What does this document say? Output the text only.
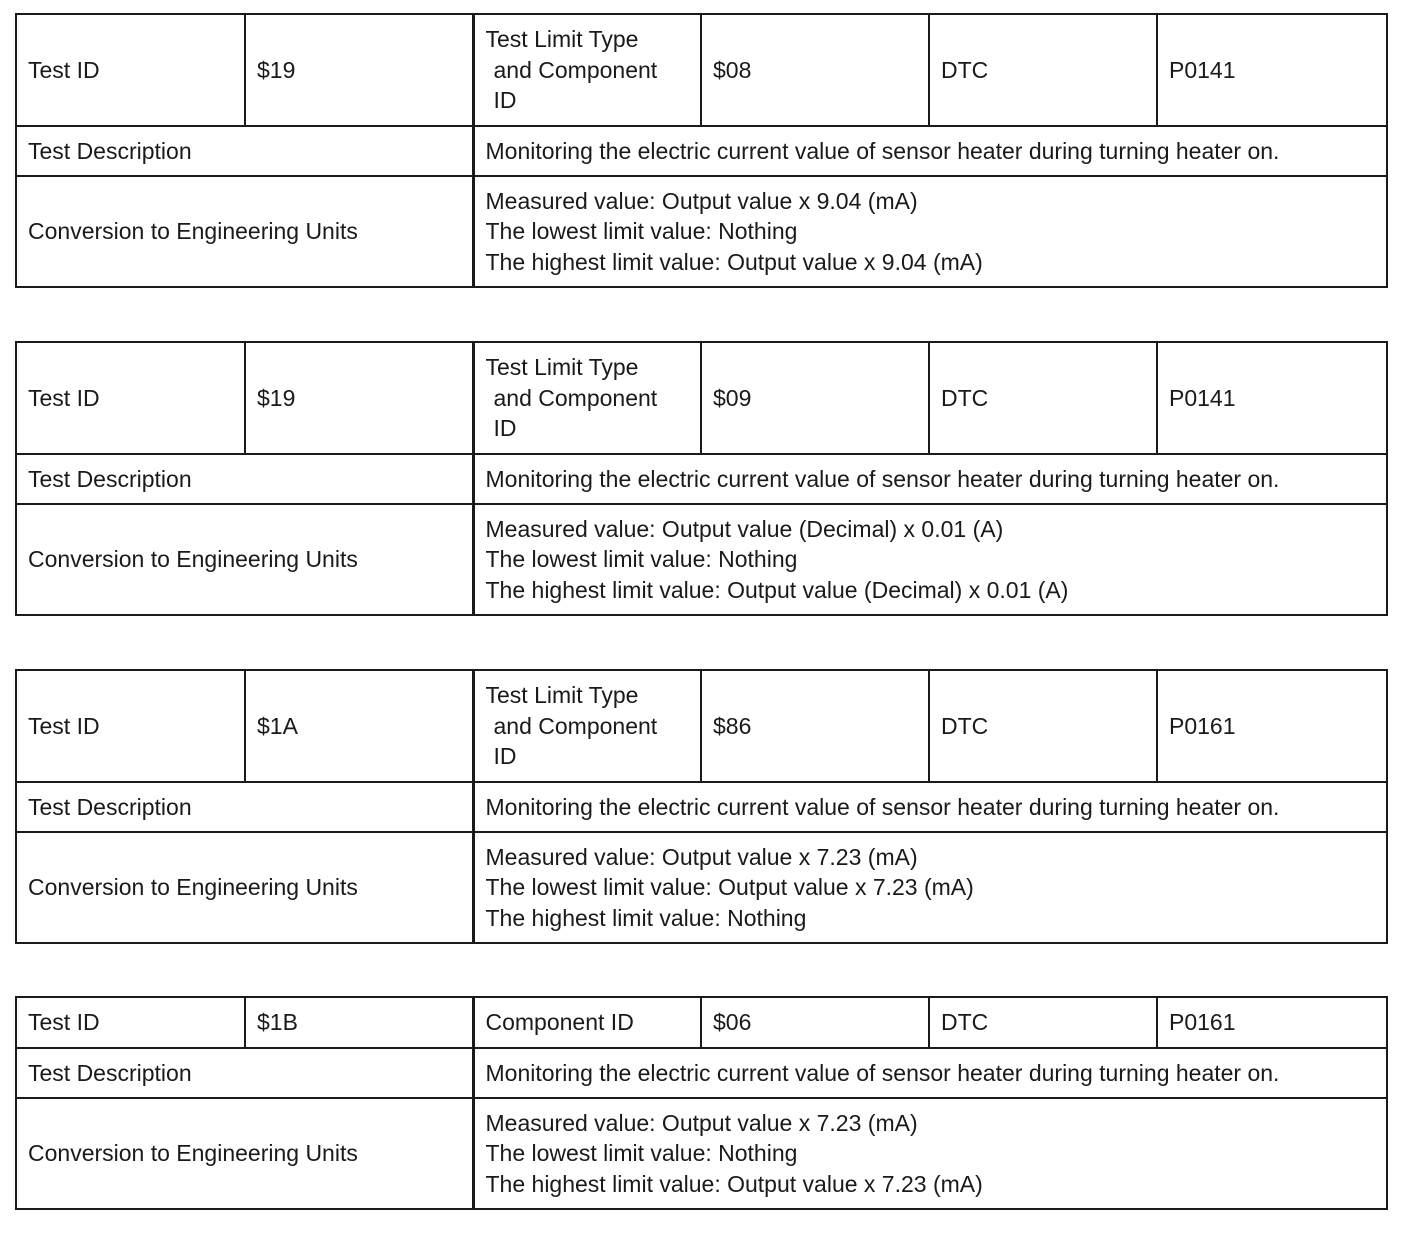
Test ID	$19	Test Limit Type
and Component
ID	$08	DTC	P0141
Test Description		Monitoring the electric current value of sensor heater during turning heater on.			
Conversion to Engineering Units		Measured value: Output value x 9.04 (mA)
The lowest limit value: Nothing
The highest limit value: Output value x 9.04 (mA)			
Test ID	$19	Test Limit Type
and Component
ID	$09	DTC	P0141
Test Description		Monitoring the electric current value of sensor heater during turning heater on.			
Conversion to Engineering Units		Measured value: Output value (Decimal) x 0.01 (A)
The lowest limit value: Nothing
The highest limit value: Output value (Decimal) x 0.01 (A)			
Test ID	$1A	Test Limit Type
and Component
ID	$86	DTC	P0161
Test Description		Monitoring the electric current value of sensor heater during turning heater on.			
Conversion to Engineering Units		Measured value: Output value x 7.23 (mA)
The lowest limit value: Output value x 7.23 (mA)
The highest limit value: Nothing			
Test ID	$1B	Component ID	$06	DTC	P0161
Test Description		Monitoring the electric current value of sensor heater during turning heater on.			
Conversion to Engineering Units		Measured value: Output value x 7.23 (mA)
The lowest limit value: Nothing
The highest limit value: Output value x 7.23 (mA)			
